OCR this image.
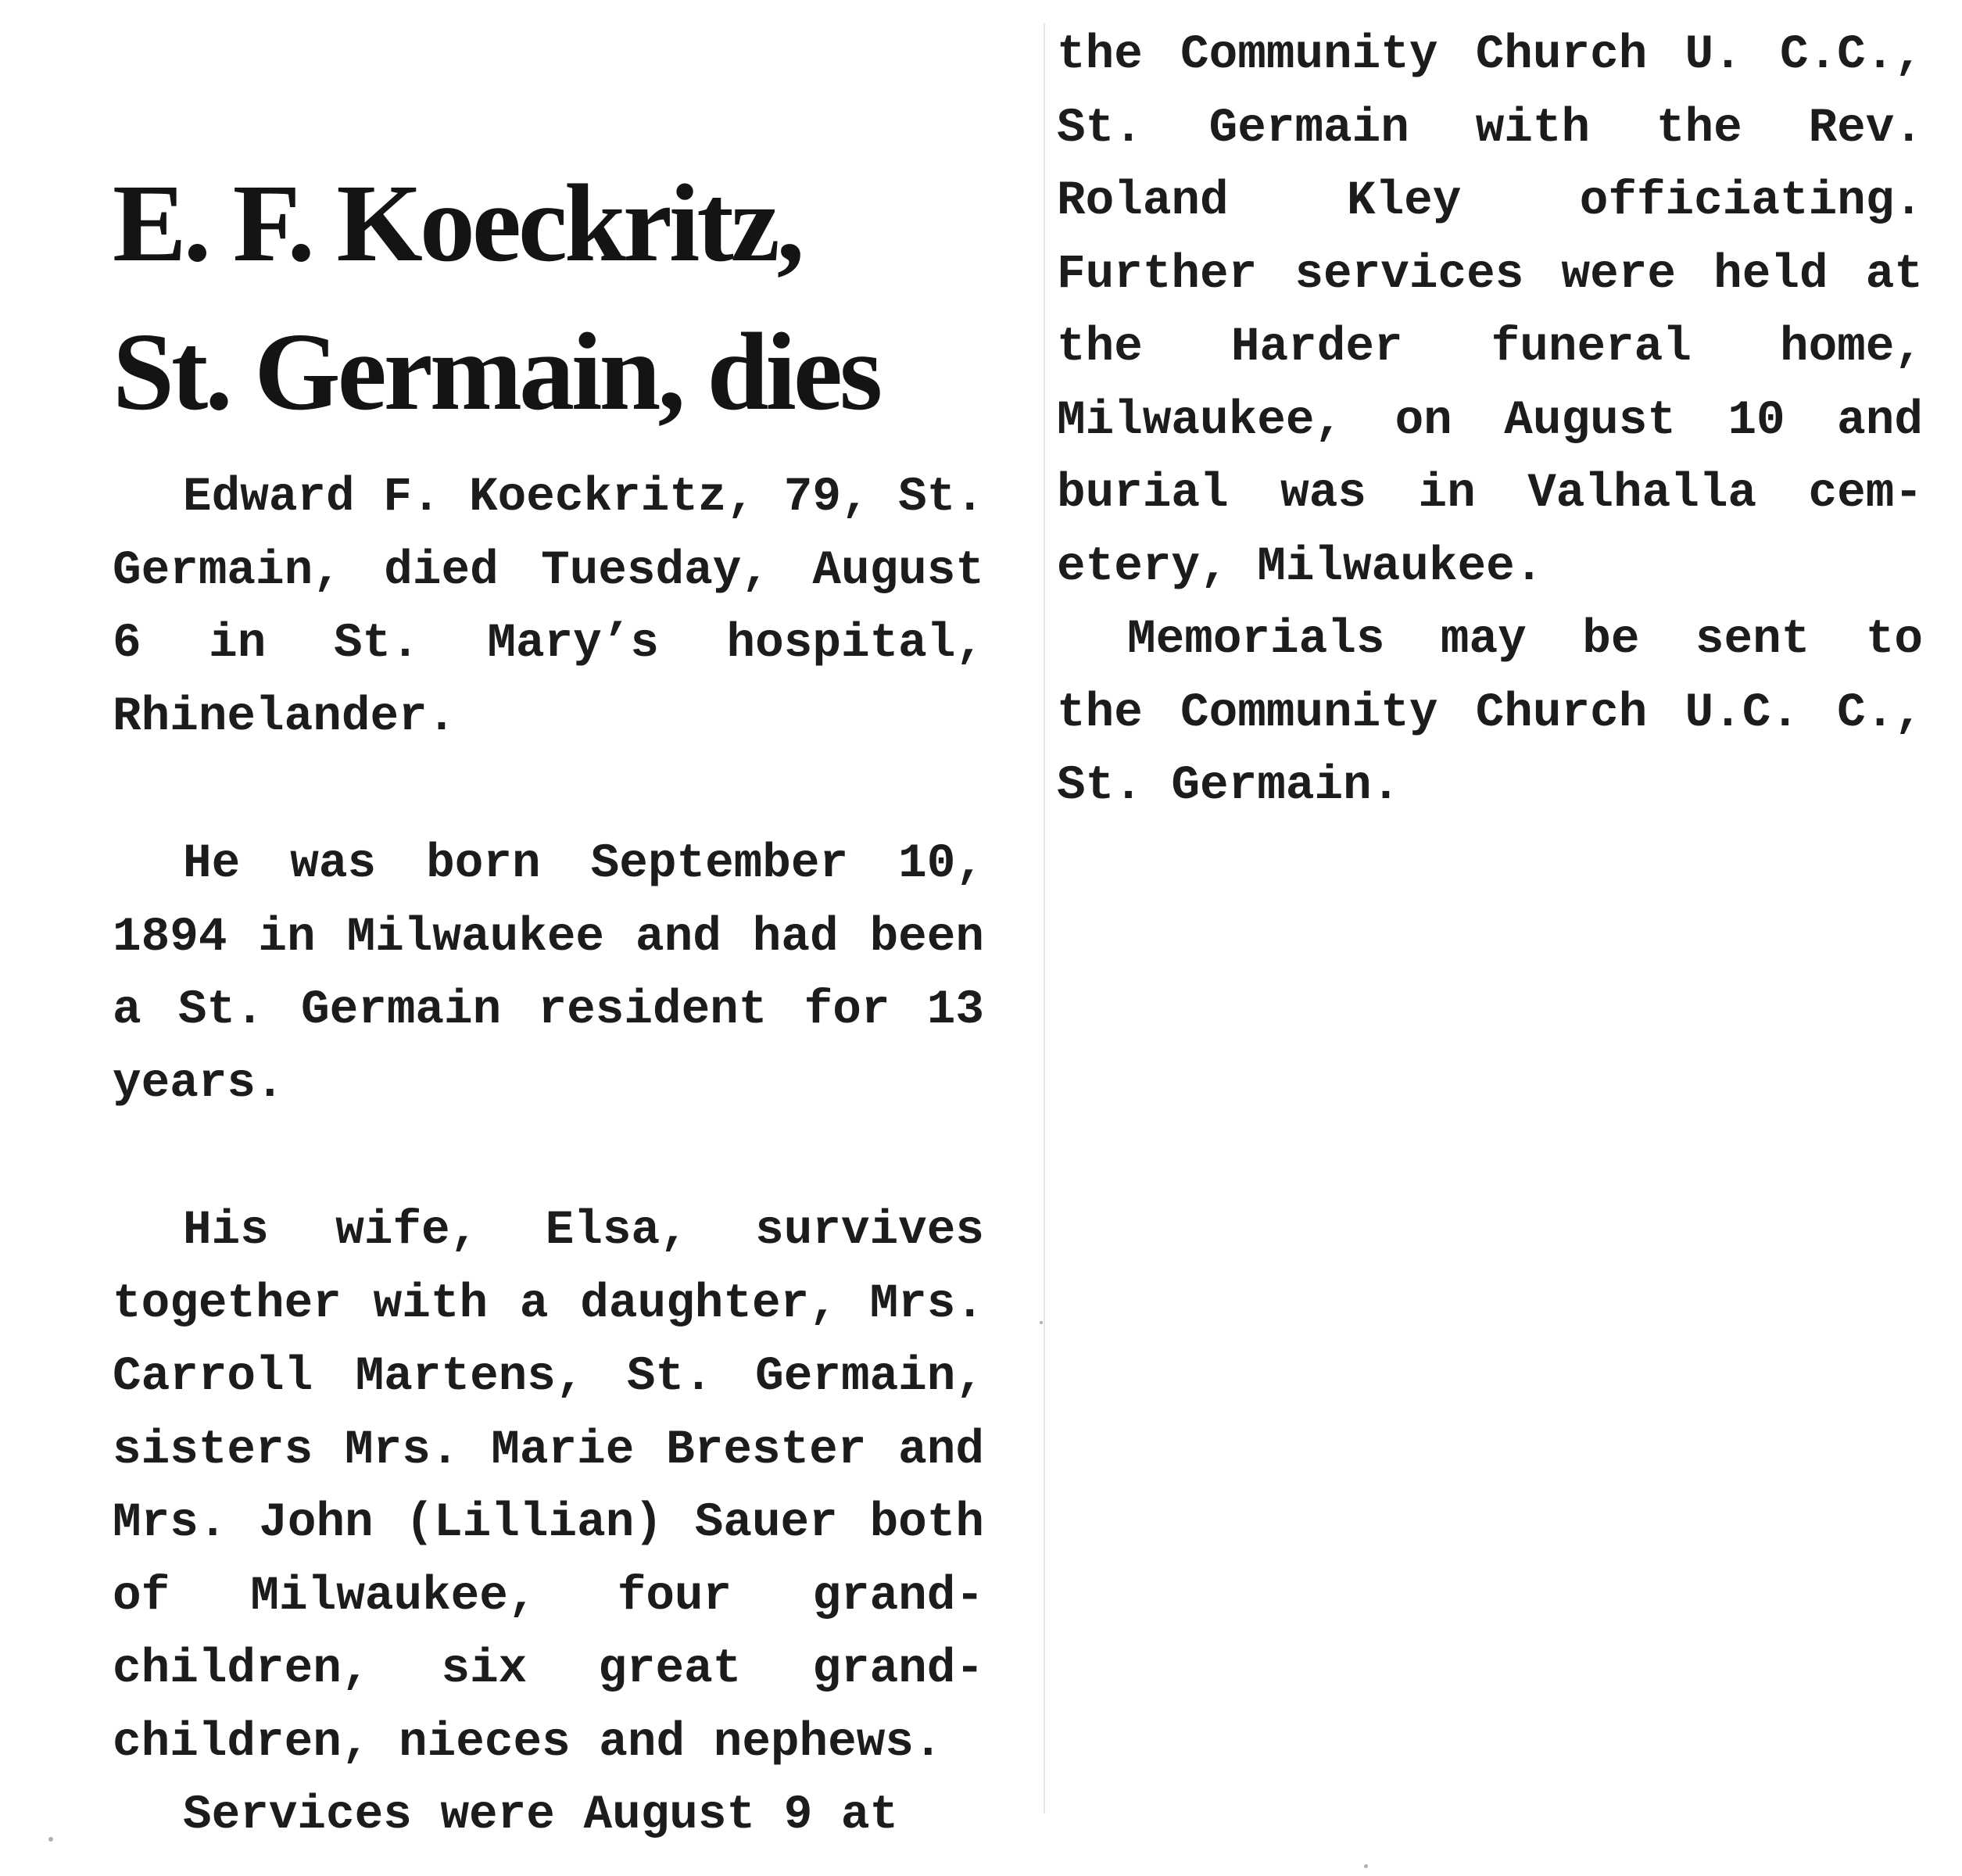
E. F. Koeckritz,
St. Germain, dies

Edward F. Koeckritz, 79, St. Germain, died Tuesday, August 6 in St. Mary’s hospital, Rhinelander.

He was born September 10, 1894 in Milwaukee and had been a St. Germain resident for 13 years.

His wife, Elsa, survives together with a daughter, Mrs. Carroll Martens, St. Germain, sisters Mrs. Marie Brester and Mrs. John (Lillian) Sauer both of Milwaukee, four grandchildren, six great grandchildren, nieces and nephews.

Services were August 9 at

the Community Church U. C.C., St. Germain with the Rev. Roland Kley officiating. Further services were held at the Harder funeral home, Milwaukee, on August 10 and burial was in Valhalla cemetery, Milwaukee.

Memorials may be sent to the Community Church U.C. C., St. Germain.
